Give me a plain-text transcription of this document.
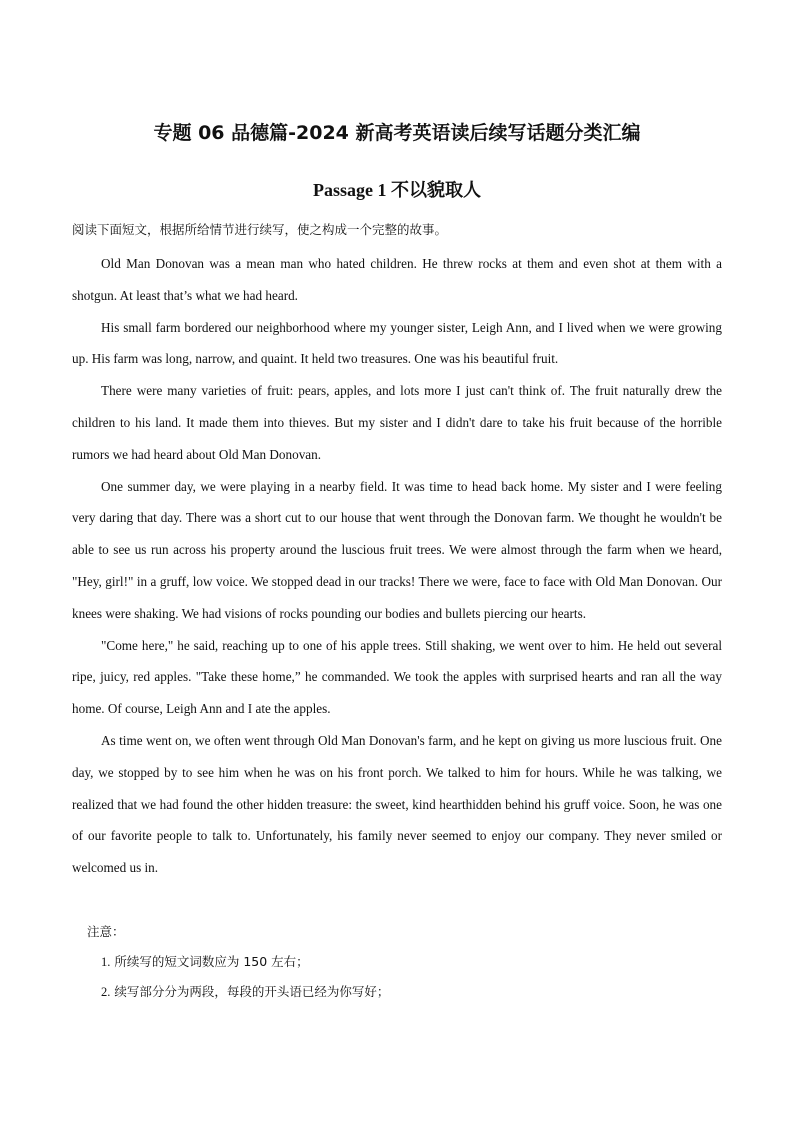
专题 06 品德篇-2024 新高考英语读后续写话题分类汇编
Passage 1 不以貌取人

阅读下面短文，根据所给情节进行续写，使之构成一个完整的故事。

Old Man Donovan was a mean man who hated children. He threw rocks at them and even shot at them with a shotgun. At least that’s what we had heard.

His small farm bordered our neighborhood where my younger sister, Leigh Ann, and I lived when we were growing up. His farm was long, narrow, and quaint. It held two treasures. One was his beautiful fruit.

There were many varieties of fruit: pears, apples, and lots more I just can't think of. The fruit naturally drew the children to his land. It made them into thieves. But my sister and I didn't dare to take his fruit because of the horrible rumors we had heard about Old Man Donovan.

One summer day, we were playing in a nearby field. It was time to head back home. My sister and I were feeling very daring that day. There was a short cut to our house that went through the Donovan farm. We thought he wouldn't be able to see us run across his property around the luscious fruit trees. We were almost through the farm when we heard, "Hey, girl!" in a gruff, low voice. We stopped dead in our tracks! There we were, face to face with Old Man Donovan. Our knees were shaking. We had visions of rocks pounding our bodies and bullets piercing our hearts.

"Come here," he said, reaching up to one of his apple trees. Still shaking, we went over to him. He held out several ripe, juicy, red apples. "Take these home,” he commanded. We took the apples with surprised hearts and ran all the way home. Of course, Leigh Ann and I ate the apples.

As time went on, we often went through Old Man Donovan's farm, and he kept on giving us more luscious fruit. One day, we stopped by to see him when he was on his front porch. We talked to him for hours. While he was talking, we realized that we had found the other hidden treasure: the sweet, kind hearthidden behind his gruff voice. Soon, he was one of our favorite people to talk to. Unfortunately, his family never seemed to enjoy our company. They never smiled or welcomed us in.

注意：

1. 所续写的短文词数应为 150 左右；

2. 续写部分分为两段，每段的开头语已经为你写好；
